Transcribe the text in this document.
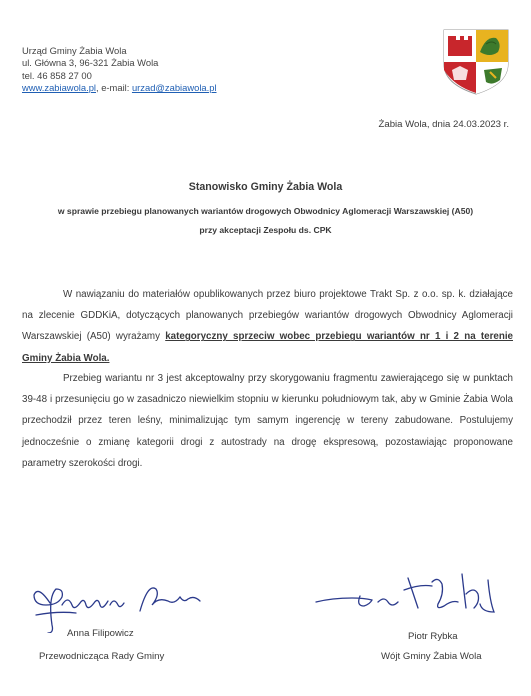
Urząd Gminy Żabia Wola
ul. Główna 3, 96-321 Żabia Wola
tel. 46 858 27 00
www.zabiawola.pl, e-mail: urzad@zabiawola.pl
Żabia Wola, dnia 24.03.2023 r.
Stanowisko Gminy Żabia Wola
w sprawie przebiegu planowanych wariantów drogowych Obwodnicy Aglomeracji Warszawskiej (A50)
przy akceptacji Zespołu ds. CPK

W nawiązaniu do materiałów opublikowanych przez biuro projektowe Trakt Sp. z o.o. sp. k. działające na zlecenie GDDKiA, dotyczących planowanych przebiegów wariantów drogowych Obwodnicy Aglomeracji Warszawskiej (A50) wyrażamy kategoryczny sprzeciw wobec przebiegu wariantów nr 1 i 2 na terenie Gminy Żabia Wola.

Przebieg wariantu nr 3 jest akceptowalny przy skorygowaniu fragmentu zawierającego się w punktach 39-48 i przesunięciu go w zasadniczo niewielkim stopniu w kierunku południowym tak, aby w Gminie Żabia Wola przechodził przez teren leśny, minimalizując tym samym ingerencję w tereny zabudowane. Postulujemy jednocześnie o zmianę kategorii drogi z autostrady na drogę ekspresową, pozostawiając proponowane parametry szerokości drogi.

Anna Filipowicz
Przewodnicząca Rady Gminy
Piotr Rybka
Wójt Gminy Żabia Wola
